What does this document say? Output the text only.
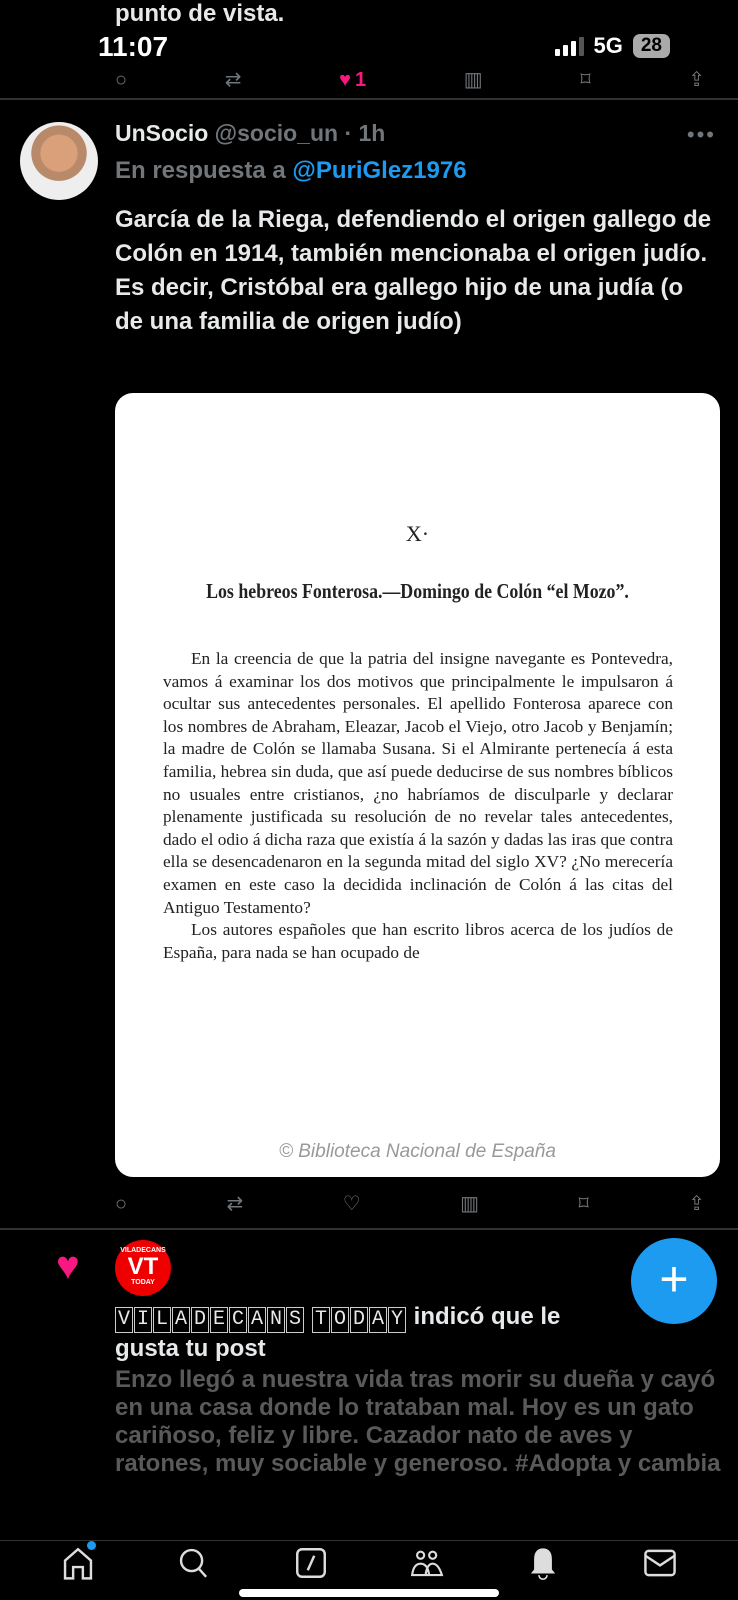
punto de vista.
11:07	5G 28
○	⇄	♥ 1	▥	⌑	⇪
UnSocio @socio_un · 1h	•••
En respuesta a @PuriGlez1976
García de la Riega, defendiendo el origen gallego de Colón en 1914, también mencionaba el origen judío. Es decir, Cristóbal era gallego hijo de una judía (o de una familia de origen judío)
X·
Los hebreos Fonterosa.—Domingo de Colón “el Mozo”.

En la creencia de que la patria del insigne navegante es Pontevedra, vamos á examinar los dos motivos que principalmente le impulsaron á ocultar sus antecedentes personales. El apellido Fonterosa aparece con los nombres de Abraham, Eleazar, Jacob el Viejo, otro Jacob y Benjamín; la madre de Colón se llamaba Susana. Si el Almirante pertenecía á esta familia, hebrea sin duda, que así puede deducirse de sus nombres bíblicos no usuales entre cristianos, ¿no habríamos de disculparle y declarar plenamente justificada su resolución de no revelar tales antecedentes, dado el odio á dicha raza que existía á la sazón y dadas las iras que contra ella se desencadenaron en la segunda mitad del siglo XV? ¿No merecería examen en este caso la decidida inclinación de Colón á las citas del Antiguo Testamento?

Los autores españoles que han escrito libros acerca de los judíos de España, para nada se han ocupado de

© Biblioteca Nacional de España
○	⇄	♡	▥	⌑	⇪
♥	VILADECANS
VT
TODAY	+
V I L A D E C A N S T O D A Y indicó que le gusta tu post
Enzo llegó a nuestra vida tras morir su dueña y cayó en una casa donde lo trataban mal. Hoy es un gato cariñoso, feliz y libre. Cazador nato de aves y ratones, muy sociable y generoso. #Adopta y cambia
